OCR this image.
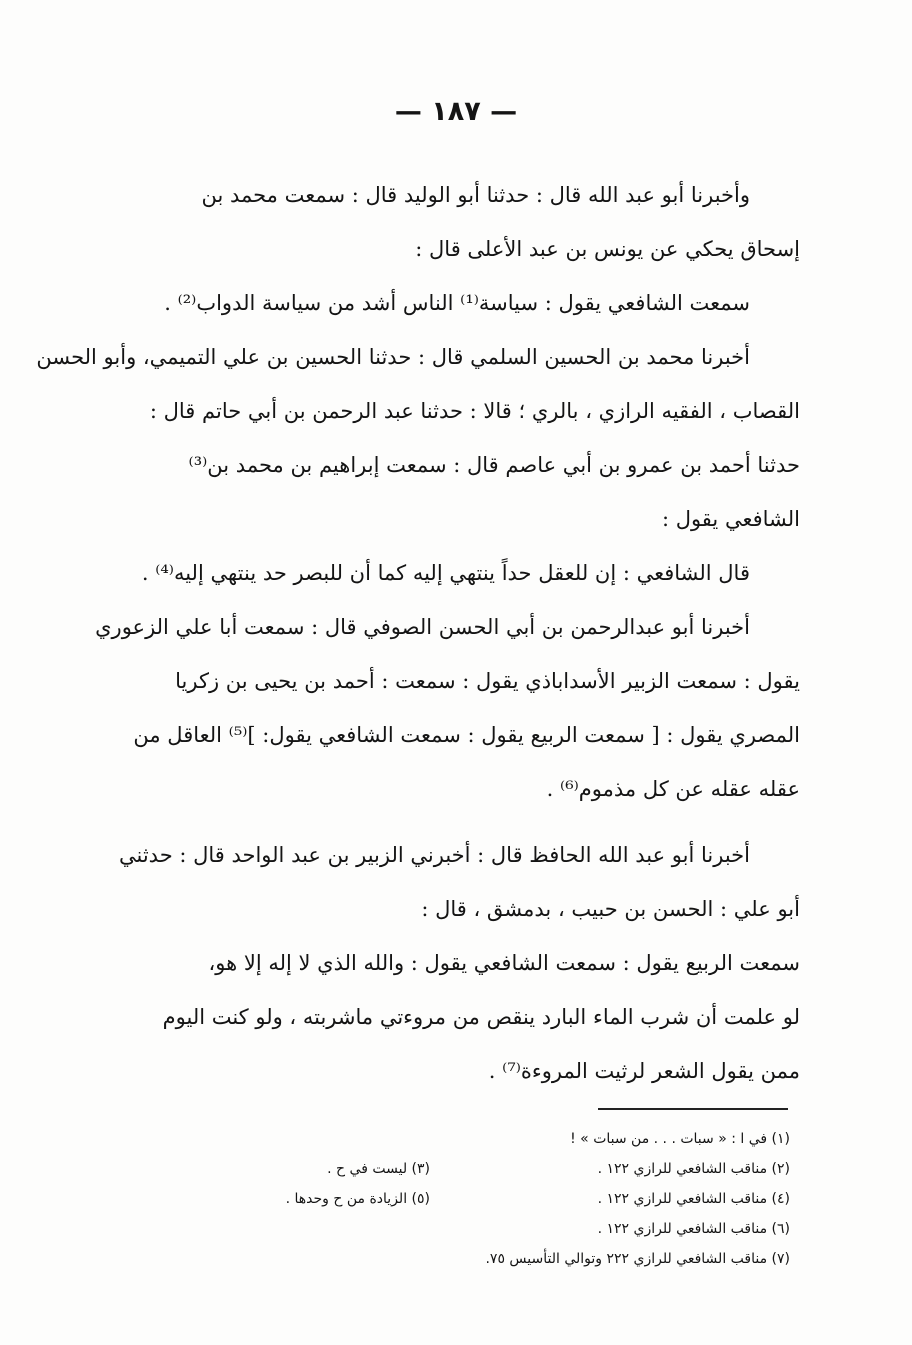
— ١٨٧ —
وأخبرنا أبو عبد الله قال : حدثنا أبو الوليد قال : سمعت محمد بن
إسحاق يحكي عن يونس بن عبد الأعلى قال :
سمعت الشافعي يقول : سياسة⁽¹⁾ الناس أشد من سياسة الدواب⁽²⁾ .
أخبرنا محمد بن الحسين السلمي قال : حدثنا الحسين بن علي التميمي، وأبو الحسن
القصاب ، الفقيه الرازي ، بالري ؛ قالا : حدثنا عبد الرحمن بن أبي حاتم قال :
حدثنا أحمد بن عمرو بن أبي عاصم قال : سمعت إبراهيم بن محمد بن⁽³⁾
الشافعي يقول :
قال الشافعي : إن للعقل حداً ينتهي إليه كما أن للبصر حد ينتهي إليه⁽⁴⁾ .
أخبرنا أبو عبدالرحمن بن أبي الحسن الصوفي قال : سمعت أبا علي الزعوري
يقول : سمعت الزبير الأسداباذي يقول : سمعت : أحمد بن يحيى بن زكريا
المصري يقول : [ سمعت الربيع يقول : سمعت الشافعي يقول: ]⁽⁵⁾ العاقل من
عقله عقله عن كل مذموم⁽⁶⁾ .
أخبرنا أبو عبد الله الحافظ قال : أخبرني الزبير بن عبد الواحد قال : حدثني
أبو علي : الحسن بن حبيب ، بدمشق ، قال :
سمعت الربيع يقول : سمعت الشافعي يقول : والله الذي لا إله إلا هو،
لو علمت أن شرب الماء البارد ينقص من مروءتي ماشربته ، ولو كنت اليوم
ممن يقول الشعر لرثيت المروءة⁽⁷⁾ .
(١) في ا : « سبات . . . من سبات » !
(٢) مناقب الشافعي للرازي ١٢٢ .
(٣) ليست في ح .
(٤) مناقب الشافعي للرازي ١٢٢ .
(٥) الزيادة من ح وحدها .
(٦) مناقب الشافعي للرازي ١٢٢ .
(٧) مناقب الشافعي للرازي ٢٢٢ وتوالي التأسيس ٧٥.
